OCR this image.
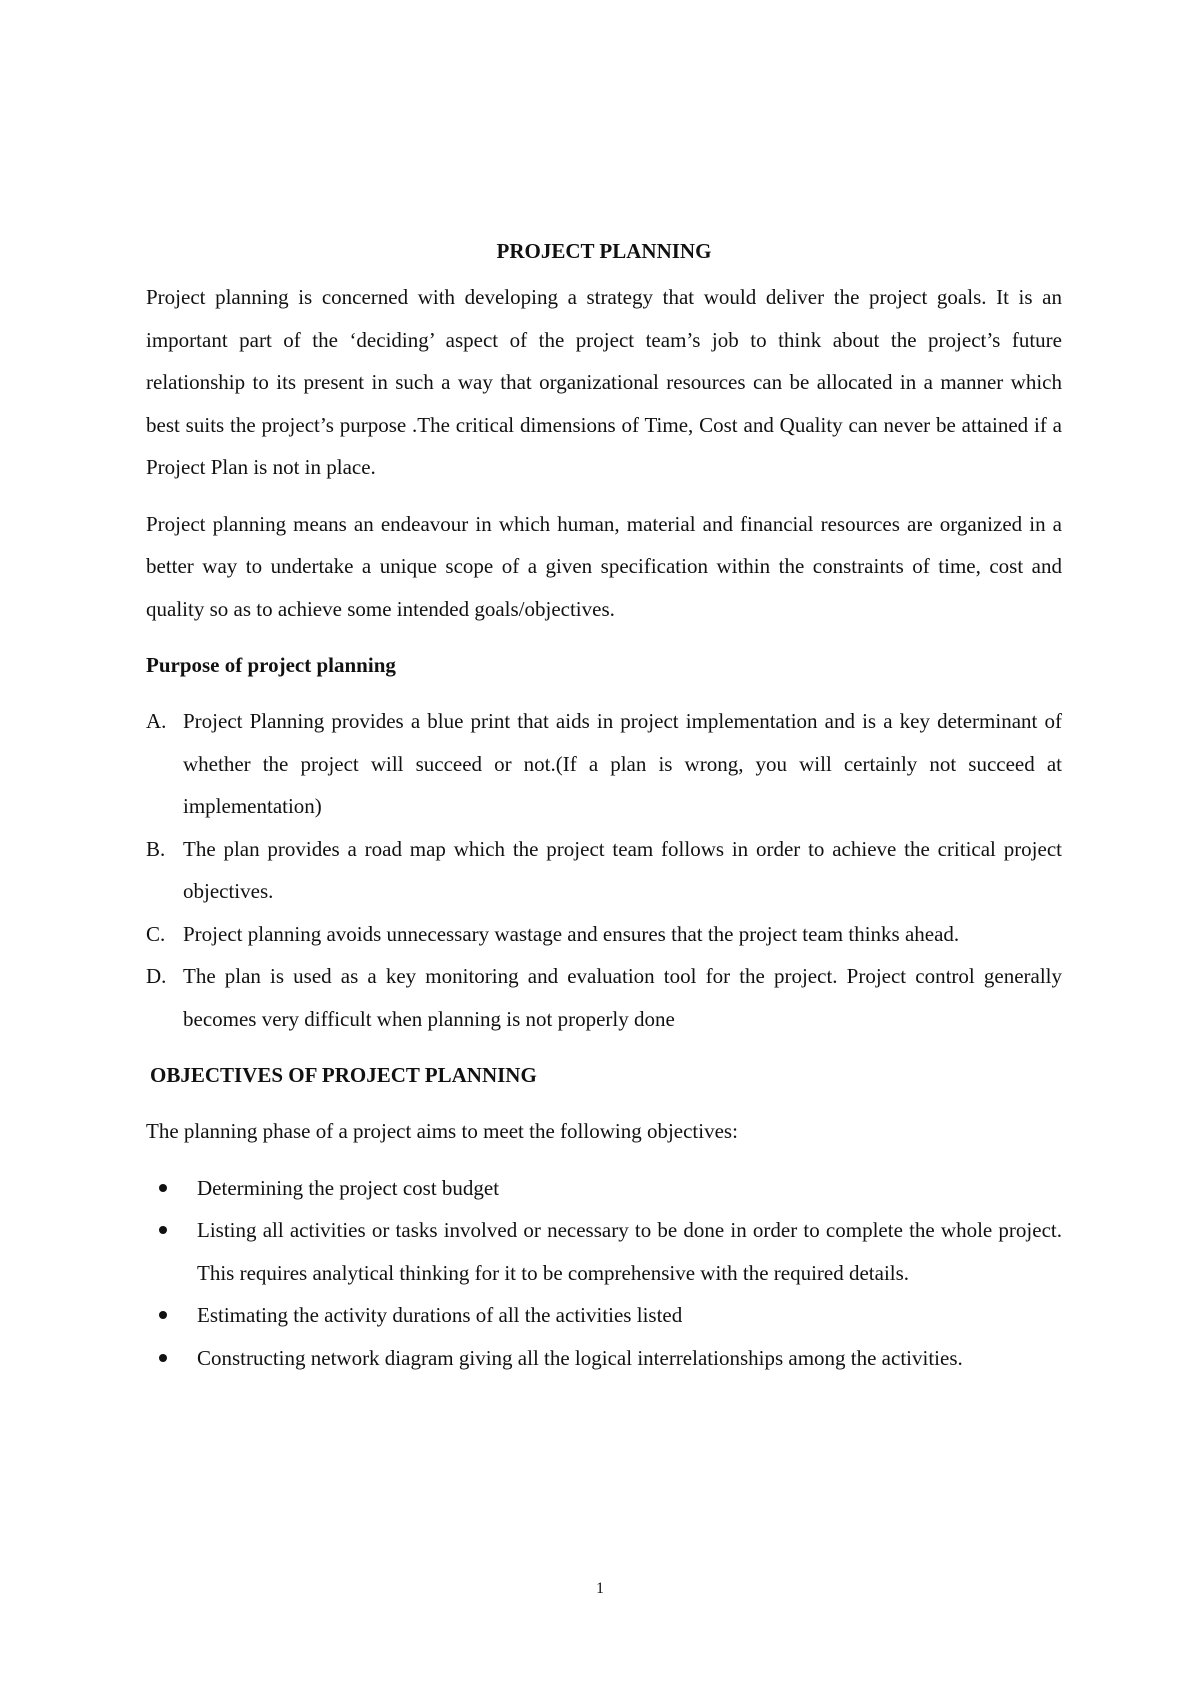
PROJECT PLANNING

Project planning is concerned with developing a strategy that would deliver the project goals. It is an important part of the ‘deciding’ aspect of the project team’s job to think about the project’s future relationship to its present in such a way that organizational resources can be allocated in a manner which best suits the project’s purpose .The critical dimensions of Time, Cost and Quality can never be attained if a Project Plan is not in place.

Project planning means an endeavour in which human, material and financial resources are organized in a better way to undertake a unique scope of a given specification within the constraints of time, cost and quality so as to achieve some intended goals/objectives.

Purpose of project planning
A. Project Planning provides a blue print that aids in project implementation and is a key determinant of whether the project will succeed or not.(If a plan is wrong, you will certainly not succeed at implementation)
B. The plan provides a road map which the project team follows in order to achieve the critical project objectives.
C. Project planning avoids unnecessary wastage and ensures that the project team thinks ahead.
D. The plan is used as a key monitoring and evaluation tool for the project. Project control generally becomes very difficult when planning is not properly done
OBJECTIVES OF PROJECT PLANNING

The planning phase of a project aims to meet the following objectives:

Determining the project cost budget
Listing all activities or tasks involved or necessary to be done in order to complete the whole project. This requires analytical thinking for it to be comprehensive with the required details.
Estimating the activity durations of all the activities listed
Constructing network diagram giving all the logical interrelationships among the activities.
1
